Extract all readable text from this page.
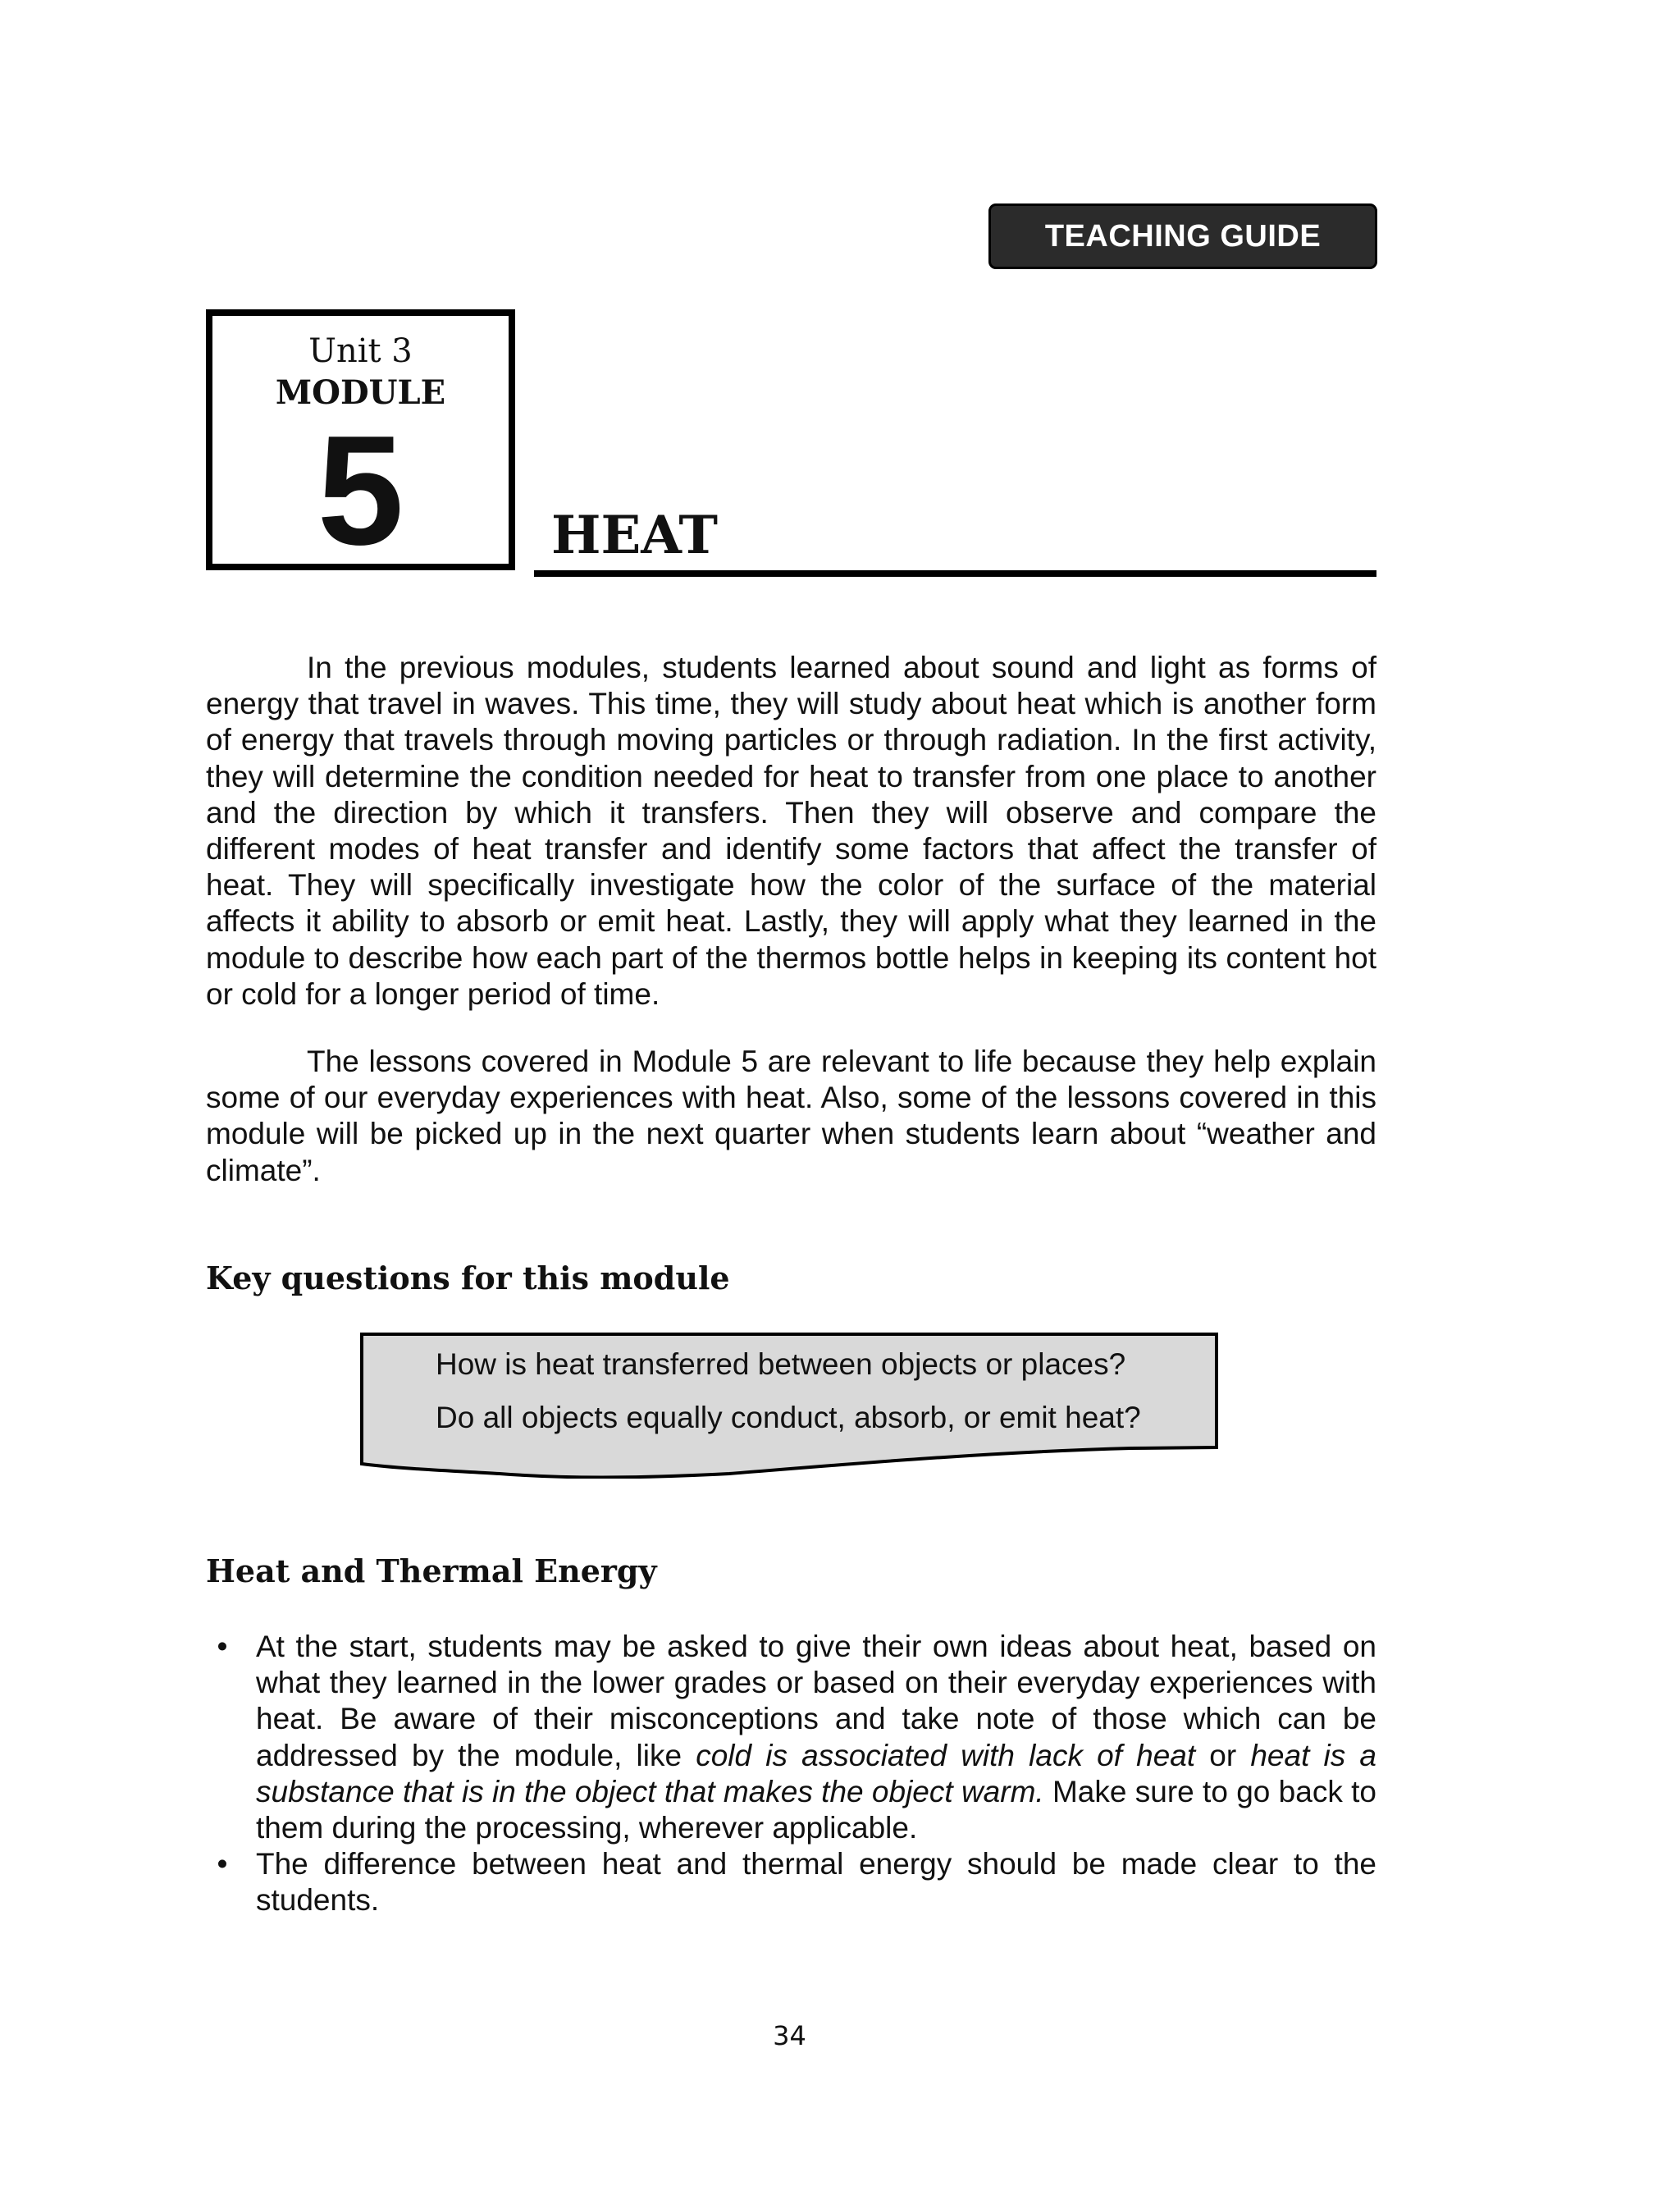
TEACHING GUIDE
Unit 3
MODULE
5	HEAT

In the previous modules, students learned about sound and light as forms of energy that travel in waves. This time, they will study about heat which is another form of energy that travels through moving particles or through radiation. In the first activity, they will determine the condition needed for heat to transfer from one place to another and the direction by which it transfers. Then they will observe and compare the different modes of heat transfer and identify some factors that affect the transfer of heat. They will specifically investigate how the color of the surface of the material affects it ability to absorb or emit heat. Lastly, they will apply what they learned in the module to describe how each part of the thermos bottle helps in keeping its content hot or cold for a longer period of time.

The lessons covered in Module 5 are relevant to life because they help explain some of our everyday experiences with heat. Also, some of the lessons covered in this module will be picked up in the next quarter when students learn about “weather and climate”.

Key questions for this module
How is heat transferred between objects or places?
Do all objects equally conduct, absorb, or emit heat?
Heat and Thermal Energy
• At the start, students may be asked to give their own ideas about heat, based on what they learned in the lower grades or based on their everyday experiences with heat. Be aware of their misconceptions and take note of those which can be addressed by the module, like cold is associated with lack of heat or heat is a substance that is in the object that makes the object warm. Make sure to go back to them during the processing, wherever applicable.
• The difference between heat and thermal energy should be made clear to the students.
34
